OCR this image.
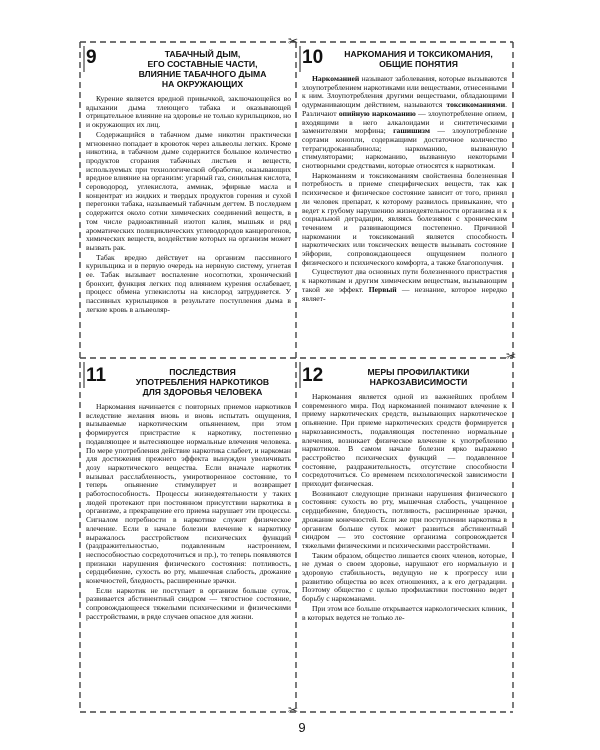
✂
✂
✂
9	ТАБАЧНЫЙ ДЫМ,
ЕГО СОСТАВНЫЕ ЧАСТИ,
ВЛИЯНИЕ ТАБАЧНОГО ДЫМА
НА ОКРУЖАЮЩИХ

Курение является вредной привычкой, заключающейся во вдыхании дыма тлеющего табака и оказывающей отрицательное влияние на здоровье не только курильщиков, но и окружающих их лиц.

Содержащийся в табачном дыме никотин практически мгновенно попадает в кровоток через альвеолы легких. Кроме никотина, в табачном дыме содержится большое количество продуктов сгорания табачных листьев и веществ, используемых при технологической обработке, оказывающих вредное влияние на организм: угарный газ, синильная кислота, сероводород, углекислота, аммиак, эфирные масла и концентрат из жидких и твердых продуктов горения и сухой перегонки табака, называемый табачным дегтем. В последнем содержится около сотни химических соединений веществ, в том числе радиоактивный изотоп калия, мышьяк и ряд ароматических полициклических углеводородов канцерогенов, химических веществ, воздействие которых на организм может вызвать рак.

Табак вредно действует на организм пассивного курильщика и в первую очередь на нервную систему, угнетая ее. Табак вызывает воспаление носоглотки, хронический бронхит, функция легких под влиянием курения ослабевает, процесс обмена углекислоты на кислород затрудняется. У пассивных курильщиков в результате поступления дыма в легкие кровь в альвеоляр-

10	НАРКОМАНИЯ И ТОКСИКОМАНИЯ,
ОБЩИЕ ПОНЯТИЯ

Наркоманией называют заболевания, которые вызываются злоупотреблением наркотиками или веществами, отнесенными к ним. Злоупотребления другими веществами, обладающими одурманивающим действием, называются токсикоманиями. Различают опийную наркоманию — злоупотребление опием, входящими в него алкалоидами и синтетическими заменителями морфина; гашишизм — злоупотребление сортами конопли, содержащими достаточное количество тетрагидроканнабинола; наркоманию, вызванную стимуляторами; наркоманию, вызванную некоторыми снотворными средствами, которые относятся к наркотикам.

Наркоманиям и токсикоманиям свойственна болезненная потребность в приеме специфических веществ, так как психическое и физическое состояние зависит от того, принял ли человек препарат, к которому развилось привыкание, что ведет к грубому нарушению жизнедеятельности организма и к социальной деградации, являясь болезнями с хроническим течением и развивающимся постепенно. Причиной наркомании и токсикоманий является способность наркотических или токсических веществ вызывать состояние эйфории, сопровождающееся ощущением полного физического и психического комфорта, а также благополучия.

Существуют два основных пути болезненного пристрастия к наркотикам и другим химическим веществам, вызывающим такой же эффект. Первый — незнание, которое нередко являет-

11	ПОСЛЕДСТВИЯ
УПОТРЕБЛЕНИЯ НАРКОТИКОВ
ДЛЯ ЗДОРОВЬЯ ЧЕЛОВЕКА

Наркомания начинается с повторных приемов наркотиков вследствие желания вновь и вновь испытать ощущения, вызываемые наркотическим опьянением, при этом формируется пристрастие к наркотику, постепенно подавляющее и вытесняющее нормальные влечения человека. По мере употребления действие наркотика слабеет, и наркоман для достижения прежнего эффекта вынужден увеличивать дозу наркотического вещества. Если вначале наркотик вызывал расслабленность, умиротворенное состояние, то теперь опьянение стимулирует и возвращает работоспособность. Процессы жизнедеятельности у таких людей протекают при постоянном присутствии наркотика в организме, а прекращение его приема нарушает эти процессы. Сигналом потребности в наркотике служит физическое влечение. Если в начале болезни влечение к наркотику выражалось расстройством психических функций (раздражительностью, подавленным настроением, неспособностью сосредоточиться и пр.), то теперь появляются признаки нарушения физического состояния: потливость, сердцебиение, сухость во рту, мышечная слабость, дрожание конечностей, бледность, расширенные зрачки.

Если наркотик не поступает в организм больше суток, развивается абстинентный синдром — тягостное состояние, сопровождающееся тяжелыми психическими и физическими расстройствами, в ряде случаев опасное для жизни.

12	МЕРЫ ПРОФИЛАКТИКИ
НАРКОЗАВИСИМОСТИ

Наркомания является одной из важнейших проблем современного мира. Под наркоманией понимают влечение к приему наркотических средств, вызывающих наркотическое опьянение. При приеме наркотических средств формируется наркозависимость, подавляющая постепенно нормальные влечения, возникает физическое влечение к употреблению наркотиков. В самом начале болезни ярко выражено расстройство психических функций — подавленное состояние, раздражительность, отсутствие способности сосредоточиться. Со временем психологической зависимости приходит физическая.

Возникают следующие признаки нарушения физического состояния: сухость во рту, мышечная слабость, учащенное сердцебиение, бледность, потливость, расширенные зрачки, дрожание конечностей. Если же при поступлении наркотика в организм больше суток может развиться абстинентный синдром — это состояние организма сопровождается тяжелыми физическими и психическими расстройствами.

Таким образом, общество лишается своих членов, которые, не думая о своем здоровье, нарушают его нормальную и здоровую стабильность, ведущую не к прогрессу или развитию общества во всех отношениях, а к его деградации. Поэтому общество с целью профилактики постоянно ведет борьбу с наркоманами.

При этом все больше открывается наркологических клиник, в которых ведется не только ле-

9
